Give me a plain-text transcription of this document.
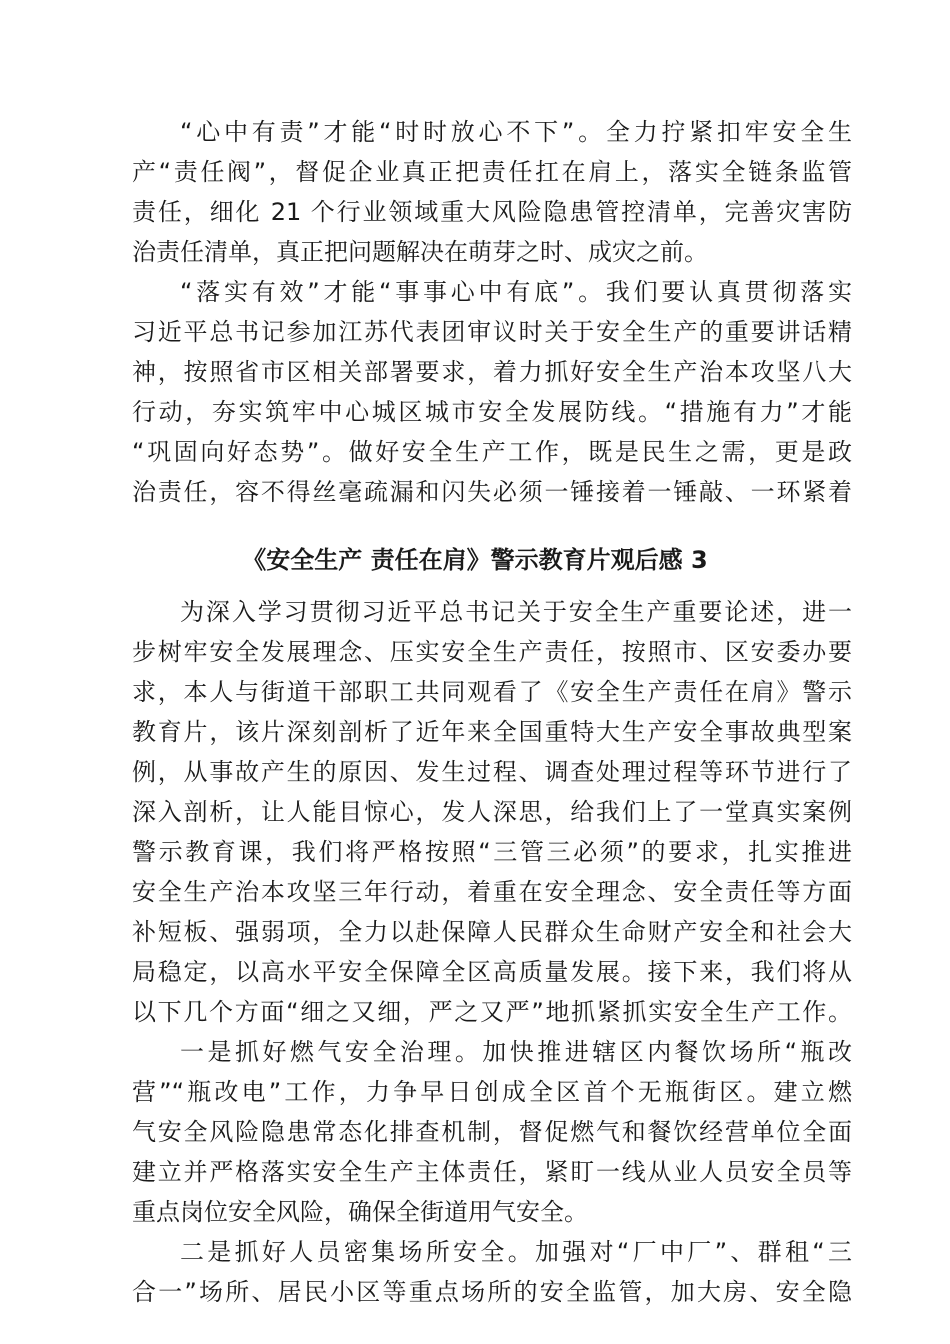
“心中有责”才能“时时放心不下”。全力拧紧扣牢安全生
产“责任阀”，督促企业真正把责任扛在肩上，落实全链条监管
责任，细化 21 个行业领域重大风险隐患管控清单，完善灾害防
治责任清单，真正把问题解决在萌芽之时、成灾之前。
“落实有效”才能“事事心中有底”。我们要认真贯彻落实
习近平总书记参加江苏代表团审议时关于安全生产的重要讲话精
神，按照省市区相关部署要求，着力抓好安全生产治本攻坚八大
行动，夯实筑牢中心城区城市安全发展防线。“措施有力”才能
“巩固向好态势”。做好安全生产工作，既是民生之需，更是政
治责任，容不得丝毫疏漏和闪失必须一锤接着一锤敲、一环紧着
《安全生产 责任在肩》警示教育片观后感 3
为深入学习贯彻习近平总书记关于安全生产重要论述，进一
步树牢安全发展理念、压实安全生产责任，按照市、区安委办要
求，本人与街道干部职工共同观看了《安全生产责任在肩》警示
教育片，该片深刻剖析了近年来全国重特大生产安全事故典型案
例，从事故产生的原因、发生过程、调查处理过程等环节进行了
深入剖析，让人能目惊心，发人深思，给我们上了一堂真实案例
警示教育课，我们将严格按照“三管三必须”的要求，扎实推进
安全生产治本攻坚三年行动，着重在安全理念、安全责任等方面
补短板、强弱项，全力以赴保障人民群众生命财产安全和社会大
局稳定，以高水平安全保障全区高质量发展。接下来，我们将从
以下几个方面“细之又细，严之又严”地抓紧抓实安全生产工作。
一是抓好燃气安全治理。加快推进辖区内餐饮场所“瓶改
营”“瓶改电”工作，力争早日创成全区首个无瓶街区。建立燃
气安全风险隐患常态化排查机制，督促燃气和餐饮经营单位全面
建立并严格落实安全生产主体责任，紧盯一线从业人员安全员等
重点岗位安全风险，确保全街道用气安全。
二是抓好人员密集场所安全。加强对“厂中厂”、群租“三
合一”场所、居民小区等重点场所的安全监管，加大房、安全隐
